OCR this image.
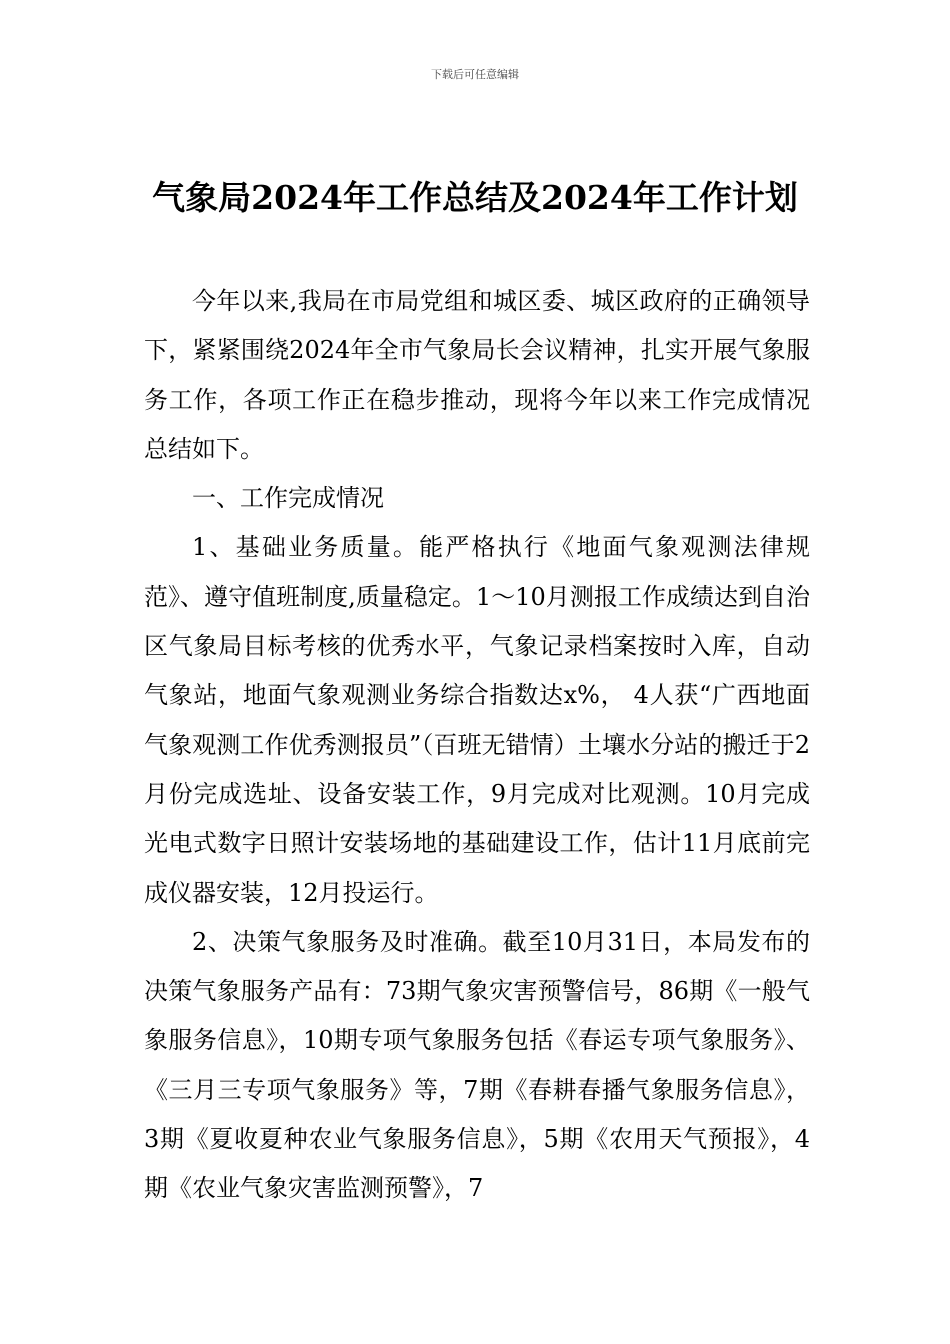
下载后可任意编辑
气象局2024年工作总结及2024年工作计划

今年以来,我局在市局党组和城区委、城区政府的正确领导下，紧紧围绕2024年全市气象局长会议精神，扎实开展气象服务工作，各项工作正在稳步推动，现将今年以来工作完成情况总结如下。

一、工作完成情况

1、基础业务质量。能严格执行《地面气象观测法律规范》、遵守值班制度,质量稳定。1～10月测报工作成绩达到自治区气象局目标考核的优秀水平，气象记录档案按时入库，自动气象站，地面气象观测业务综合指数达x%， 4人获“广西地面气象观测工作优秀测报员”（百班无错情）土壤水分站的搬迁于2月份完成选址、设备安装工作，9月完成对比观测。10月完成光电式数字日照计安装场地的基础建设工作，估计11月底前完成仪器安装，12月投运行。

2、决策气象服务及时准确。截至10月31日，本局发布的决策气象服务产品有：73期气象灾害预警信号，86期《一般气象服务信息》，10期专项气象服务包括《春运专项气象服务》、《三月三专项气象服务》等，7期《春耕春播气象服务信息》，3期《夏收夏种农业气象服务信息》，5期《农用天气预报》，4期《农业气象灾害监测预警》，7
